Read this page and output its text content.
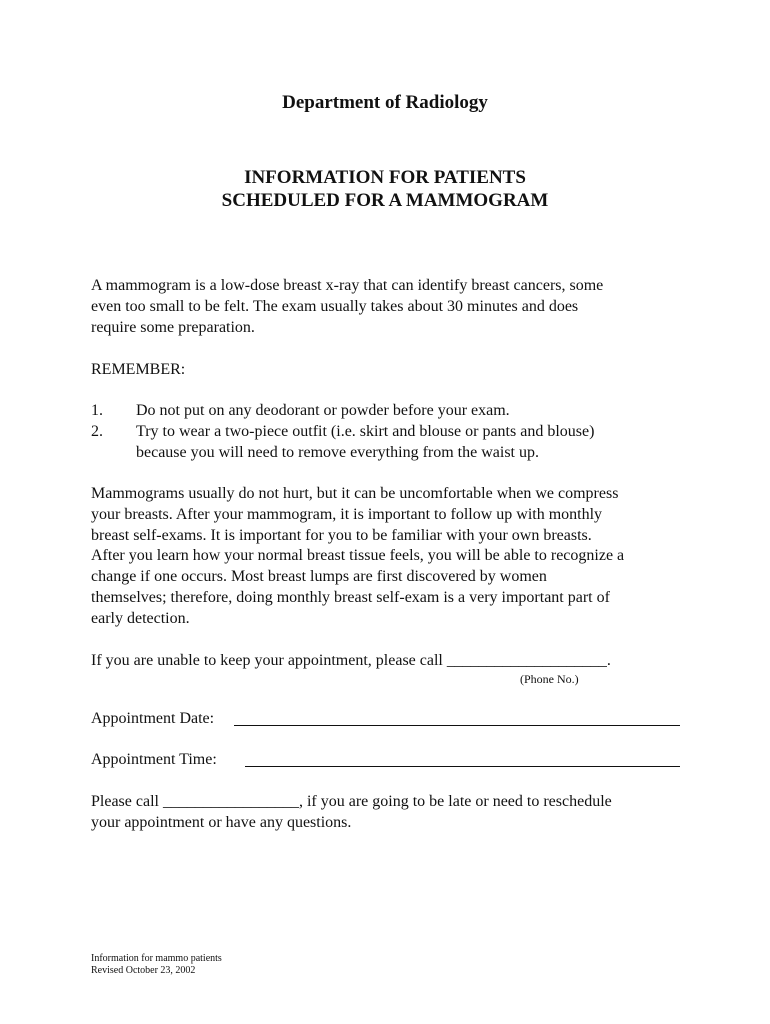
Department of Radiology
INFORMATION FOR PATIENTS
SCHEDULED FOR A MAMMOGRAM
A mammogram is a low-dose breast x-ray that can identify breast cancers, some
even too small to be felt. The exam usually takes about 30 minutes and does
require some preparation.
REMEMBER:
1. Do not put on any deodorant or powder before your exam.
2. Try to wear a two-piece outfit (i.e. skirt and blouse or pants and blouse)
because you will need to remove everything from the waist up.
Mammograms usually do not hurt, but it can be uncomfortable when we compress
your breasts. After your mammogram, it is important to follow up with monthly
breast self-exams. It is important for you to be familiar with your own breasts.
After you learn how your normal breast tissue feels, you will be able to recognize a
change if one occurs. Most breast lumps are first discovered by women
themselves; therefore, doing monthly breast self-exam is a very important part of
early detection.
If you are unable to keep your appointment, please call ____________________.
(Phone No.)
Appointment Date:
Appointment Time:
Please call _________________, if you are going to be late or need to reschedule
your appointment or have any questions.
Information for mammo patients
Revised October 23, 2002
